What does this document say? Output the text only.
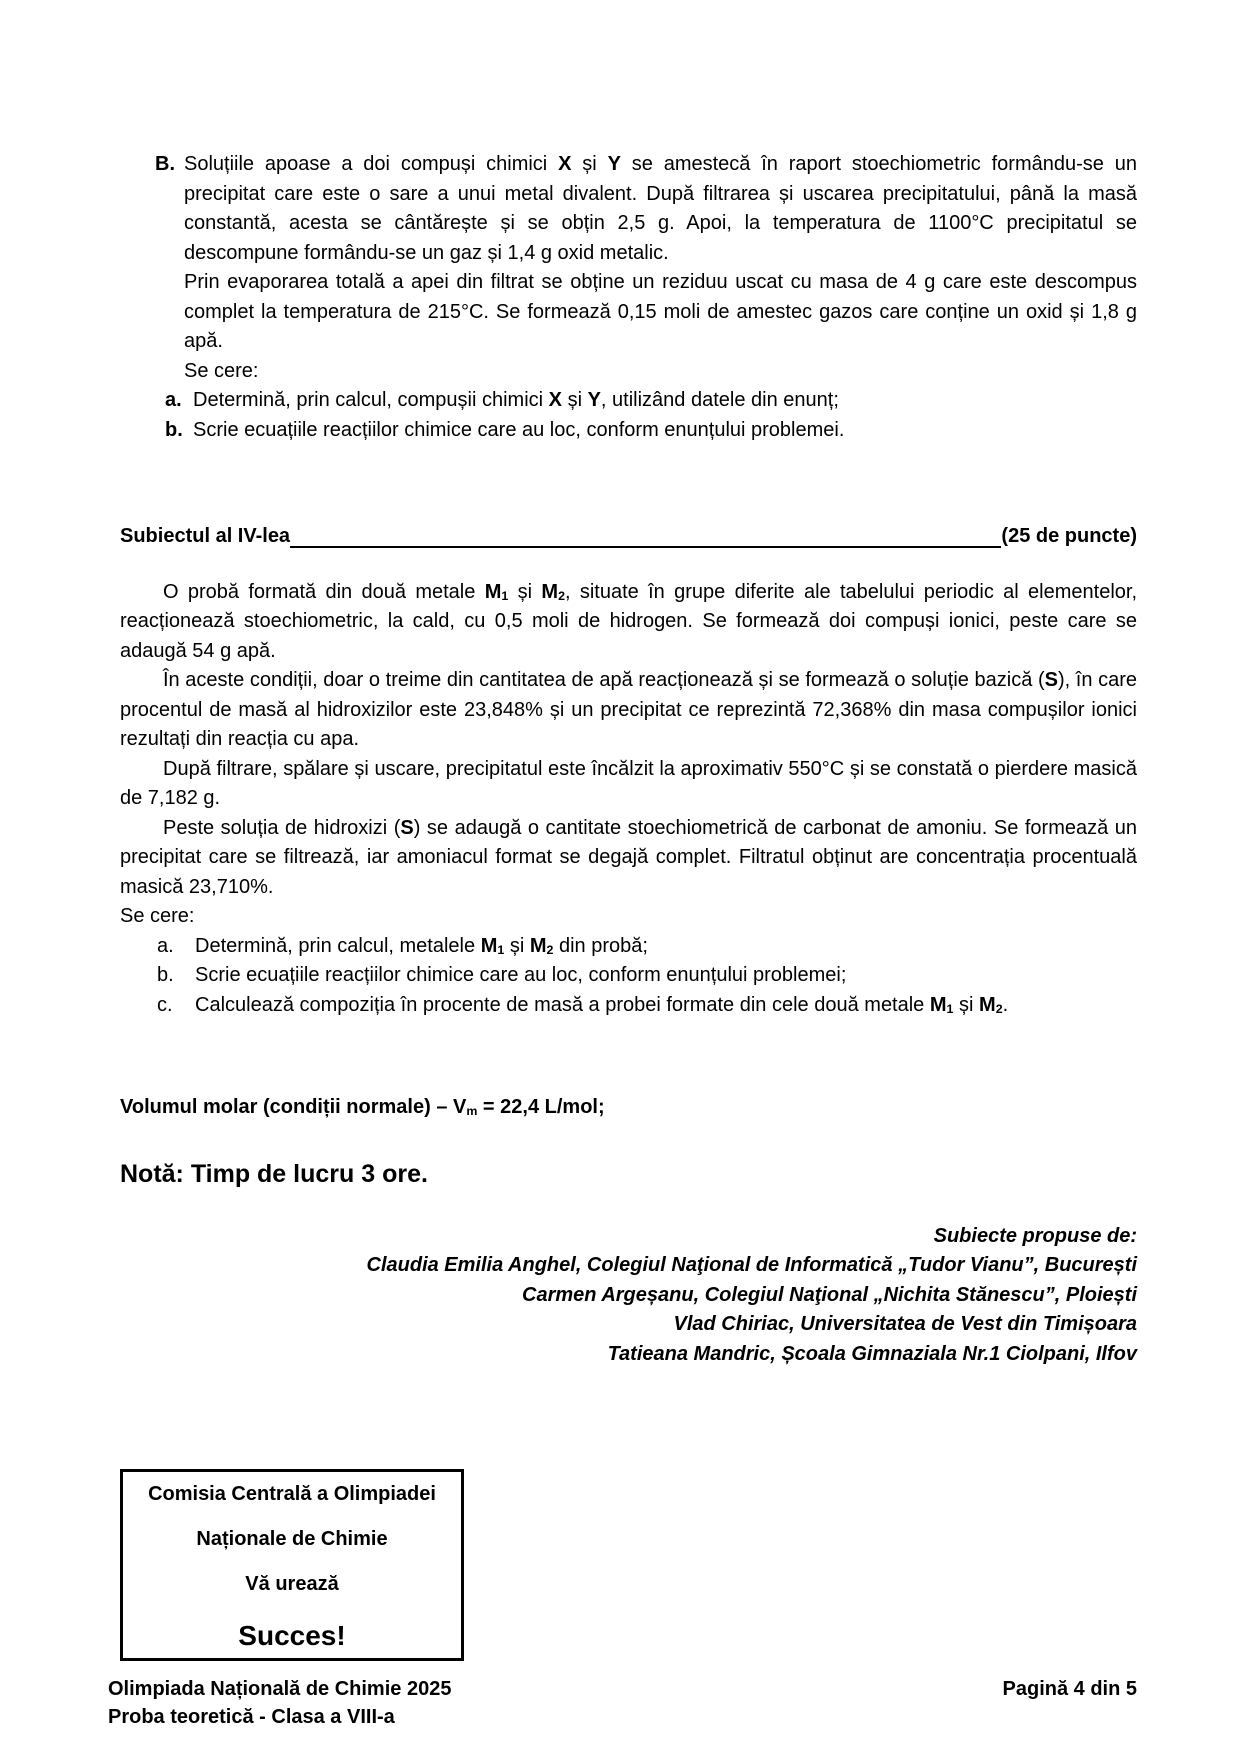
B. Soluțiile apoase a doi compuși chimici X și Y se amestecă în raport stoechiometric formându-se un precipitat care este o sare a unui metal divalent. După filtrarea și uscarea precipitatului, până la masă constantă, acesta se cântărește și se obțin 2,5 g. Apoi, la temperatura de 1100°C precipitatul se descompune formându-se un gaz și 1,4 g oxid metalic.

Prin evaporarea totală a apei din filtrat se obține un reziduu uscat cu masa de 4 g care este descompus complet la temperatura de 215°C. Se formează 0,15 moli de amestec gazos care conține un oxid și 1,8 g apă.

Se cere:

a. Determină, prin calcul, compușii chimici X și Y, utilizând datele din enunț;
b. Scrie ecuațiile reacțiilor chimice care au loc, conform enunțului problemei.
Subiectul al IV-lea	(25 de puncte)

O probă formată din două metale $M_1$ și $M_2$, situate în grupe diferite ale tabelului periodic al elementelor, reacționează stoechiometric, la cald, cu 0,5 moli de hidrogen. Se formează doi compuși ionici, peste care se adaugă 54 g apă.

În aceste condiții, doar o treime din cantitatea de apă reacționează și se formează o soluție bazică (S), în care procentul de masă al hidroxizilor este 23,848% și un precipitat ce reprezintă 72,368% din masa compușilor ionici rezultați din reacția cu apa.

După filtrare, spălare și uscare, precipitatul este încălzit la aproximativ 550°C și se constată o pierdere masică de 7,182 g.

Peste soluția de hidroxizi (S) se adaugă o cantitate stoechiometrică de carbonat de amoniu. Se formează un precipitat care se filtrează, iar amoniacul format se degajă complet. Filtratul obținut are concentrația procentuală masică 23,710%.

Se cere:

a.	Determină, prin calcul, metalele $M_1$ și $M_2$ din probă;
b.	Scrie ecuațiile reacțiilor chimice care au loc, conform enunțului problemei;
c.	Calculează compoziția în procente de masă a probei formate din cele două metale $M_1$ și $M_2$.

Volumul molar (condiții normale) – $V_m = 22,4$ L/mol;

Notă: Timp de lucru 3 ore.

Subiecte propuse de:

Claudia Emilia Anghel, Colegiul Naţional de Informatică „Tudor Vianu”, București

Carmen Argeșanu, Colegiul Naţional „Nichita Stănescu”, Ploiești

Vlad Chiriac, Universitatea de Vest din Timișoara

Tatieana Mandric, Școala Gimnaziala Nr.1 Ciolpani, Ilfov

Comisia Centrală a Olimpiadei
Naționale de Chimie
Vă urează
Succes!
Olimpiada Națională de Chimie 2025
Proba teoretică - Clasa a VIII-a
Pagină 4 din 5
